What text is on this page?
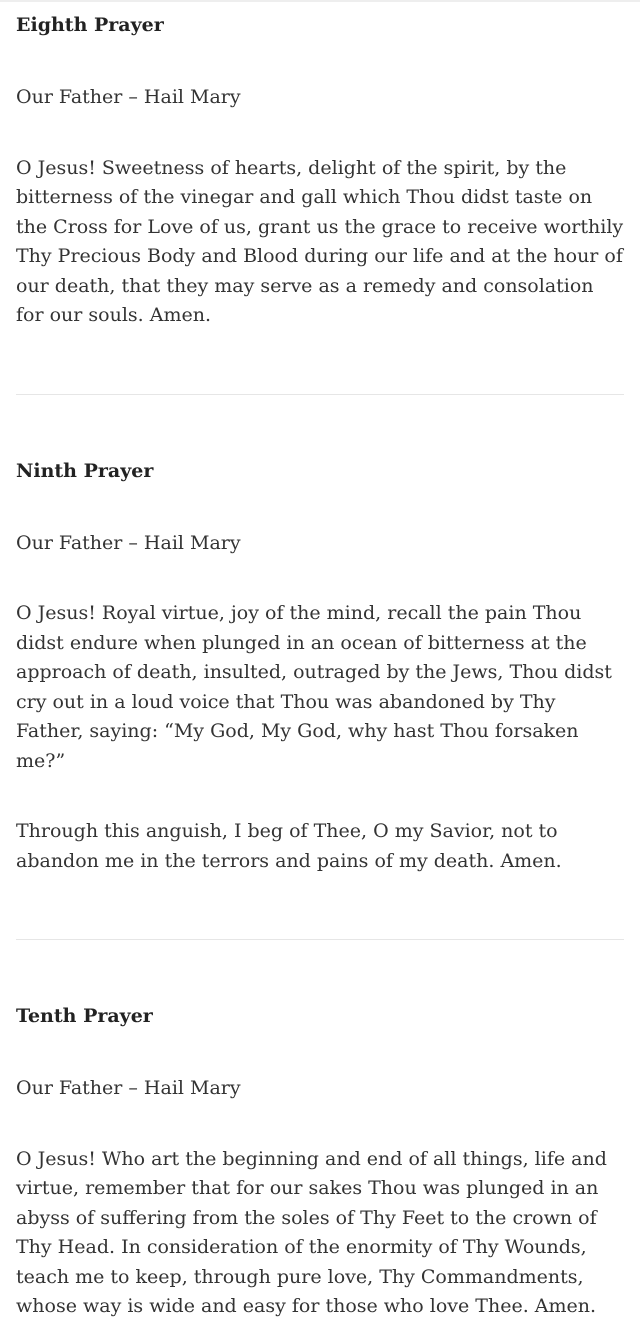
Eighth Prayer

Our Father – Hail Mary

O Jesus! Sweetness of hearts, delight of the spirit, by the bitterness of the vinegar and gall which Thou didst taste on the Cross for Love of us, grant us the grace to receive worthily Thy Precious Body and Blood during our life and at the hour of our death, that they may serve as a remedy and consolation for our souls. Amen.

Ninth Prayer

Our Father – Hail Mary

O Jesus! Royal virtue, joy of the mind, recall the pain Thou didst endure when plunged in an ocean of bitterness at the approach of death, insulted, outraged by the Jews, Thou didst cry out in a loud voice that Thou was abandoned by Thy Father, saying: “My God, My God, why hast Thou forsaken me?”

Through this anguish, I beg of Thee, O my Savior, not to abandon me in the terrors and pains of my death. Amen.

Tenth Prayer

Our Father – Hail Mary

O Jesus! Who art the beginning and end of all things, life and virtue, remember that for our sakes Thou was plunged in an abyss of suffering from the soles of Thy Feet to the crown of Thy Head. In consideration of the enormity of Thy Wounds, teach me to keep, through pure love, Thy Commandments, whose way is wide and easy for those who love Thee. Amen.
